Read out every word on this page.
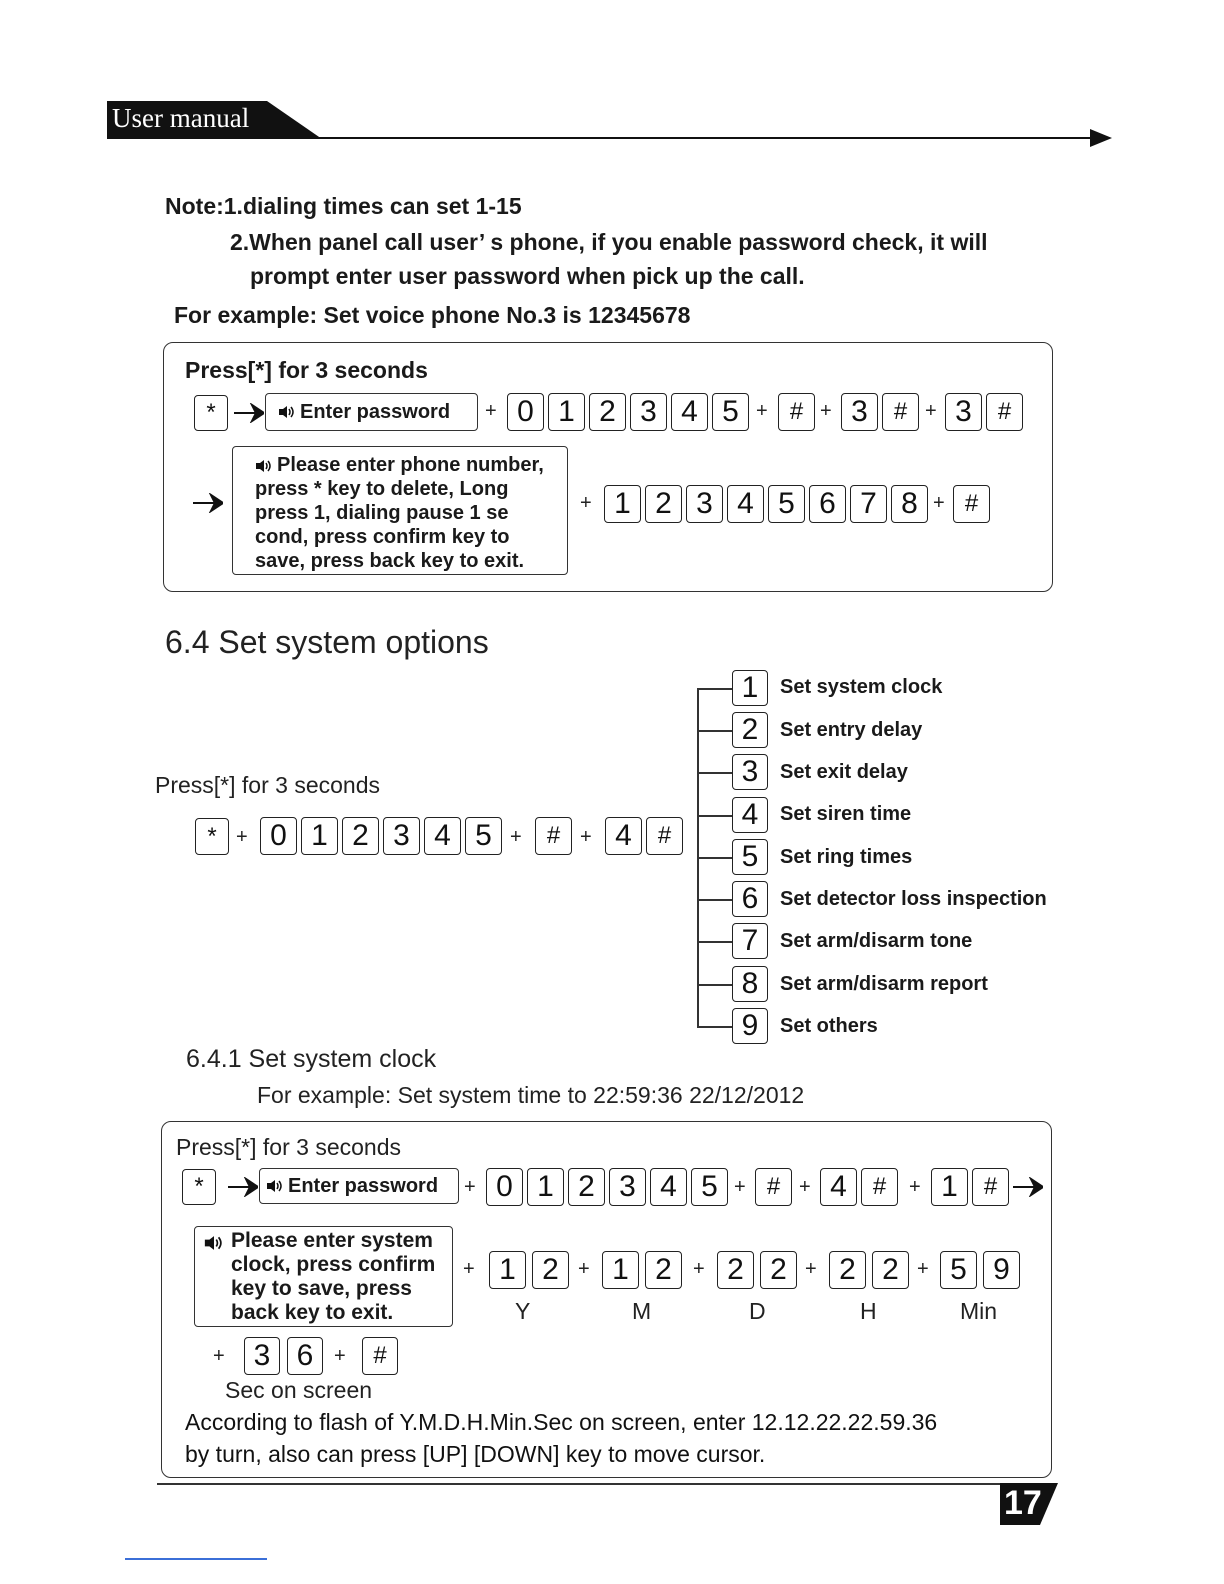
User manual
Note:1.dialing times can set 1-15
2.When panel call user’ s phone, if you enable password check, it will
prompt enter user password when pick up the call.
For example: Set voice phone No.3 is 12345678
Press[*] for 3 seconds
*	Enter password + 0 1 2 3 4 5 + # + 3	# + 3	#
Please enter phone number,
press * key to delete, Long
press 1, dialing pause 1 se
cond, press confirm key to
save, press back key to exit.
+ 1 2 3 4 5 6 7 8 + #
6.4 Set system options
Press[*] for 3 seconds
* + 0 1 2 3 4 5 +	# + 4	#
1	Set system clock
2	Set entry delay
3	Set exit delay
4	Set siren time
5	Set ring times
6	Set detector loss inspection
7	Set arm/disarm tone
8	Set arm/disarm report
9	Set others
6.4.1 Set system clock
For example: Set system time to 22:59:36 22/12/2012
Press[*] for 3 seconds
*	Enter password + 0 1 2 3 4 5 + # + 4	#	+ 1	#
Please enter system
clock, press confirm
key to save, press
back key to exit.
+ 1 2
Y
+ 1 2
M
+ 2 2
D
+ 2 2
H
+ 5 9
Min
+ 3 6	+	#
Sec on screen
According to flash of Y.M.D.H.Min.Sec on screen, enter 12.12.22.22.59.36
by turn, also can press [UP] [DOWN] key to move cursor.
17
